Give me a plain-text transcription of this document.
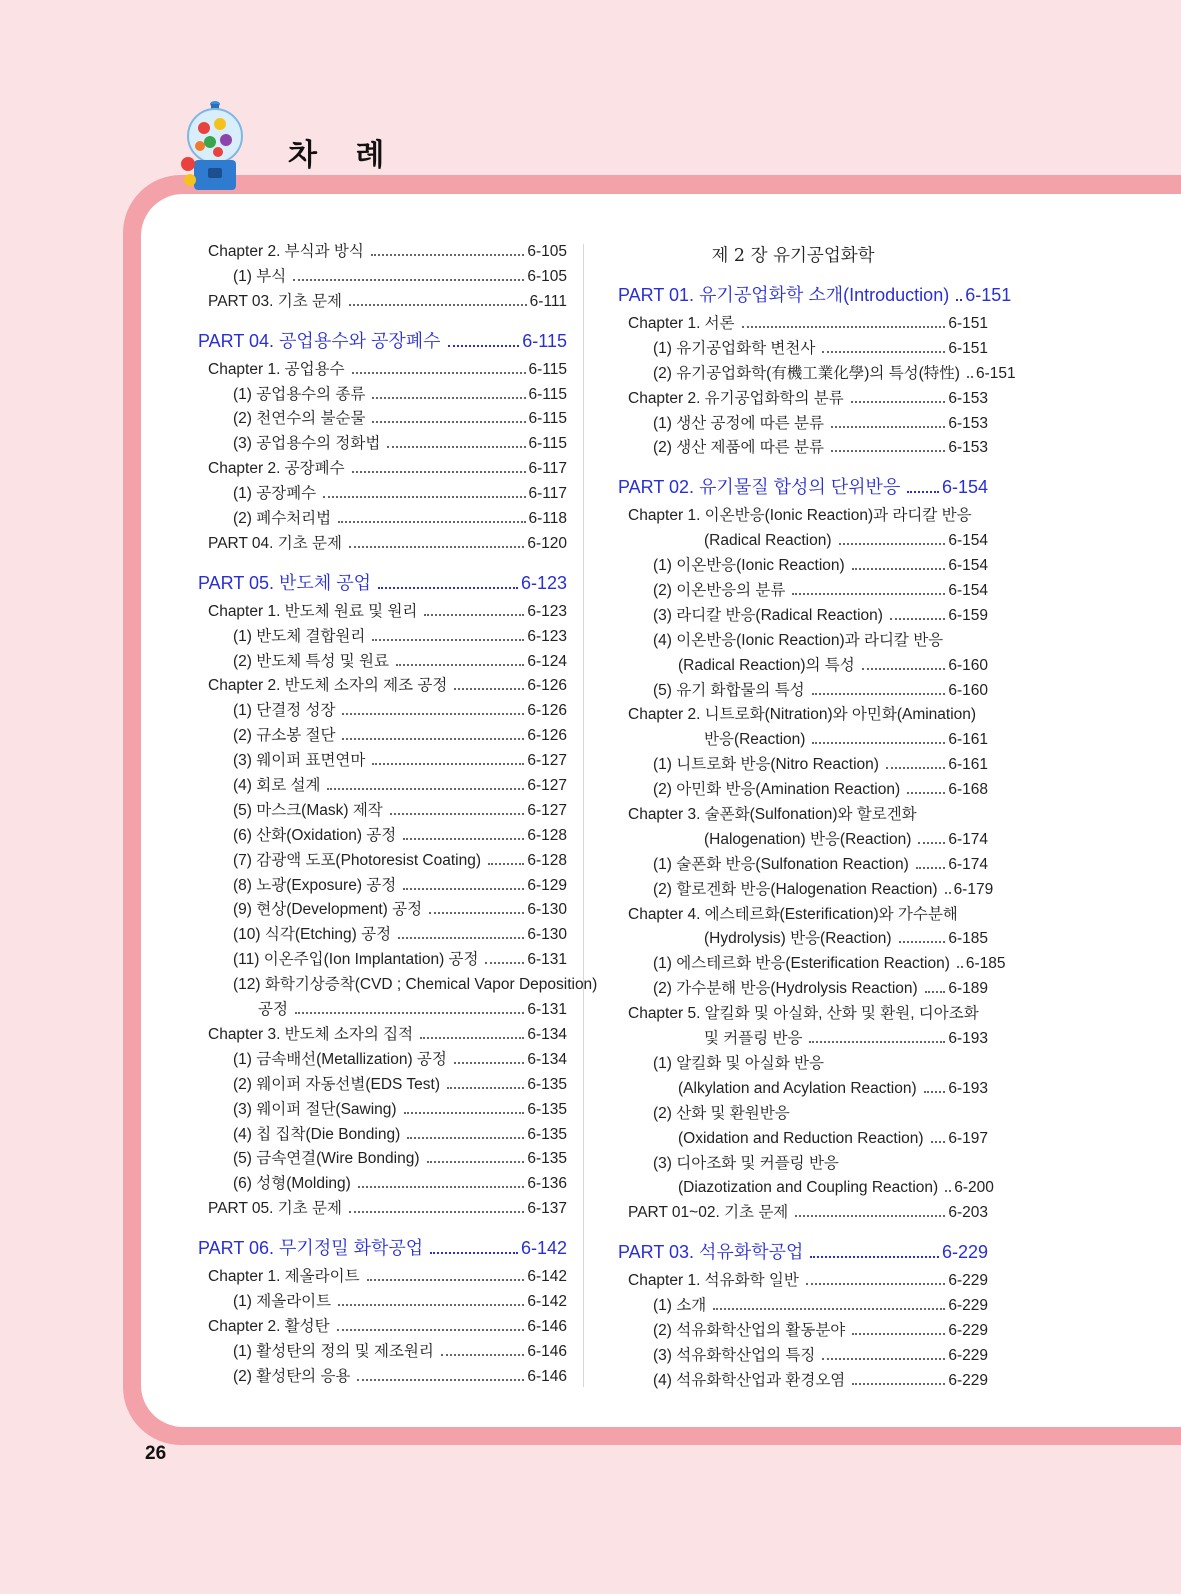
차 례
Chapter 2. 부식과 방식	6-105
(1) 부식	6-105
PART 03. 기초 문제	6-111
PART 04. 공업용수와 공장폐수	6-115
Chapter 1. 공업용수	6-115
(1) 공업용수의 종류	6-115
(2) 천연수의 불순물	6-115
(3) 공업용수의 정화법	6-115
Chapter 2. 공장폐수	6-117
(1) 공장폐수	6-117
(2) 폐수처리법	6-118
PART 04. 기초 문제	6-120
PART 05. 반도체 공업	6-123
Chapter 1. 반도체 원료 및 원리	6-123
(1) 반도체 결합원리	6-123
(2) 반도체 특성 및 원료	6-124
Chapter 2. 반도체 소자의 제조 공정	6-126
(1) 단결정 성장	6-126
(2) 규소봉 절단	6-126
(3) 웨이퍼 표면연마	6-127
(4) 회로 설계	6-127
(5) 마스크(Mask) 제작	6-127
(6) 산화(Oxidation) 공정	6-128
(7) 감광액 도포(Photoresist Coating)	6-128
(8) 노광(Exposure) 공정	6-129
(9) 현상(Development) 공정	6-130
(10) 식각(Etching) 공정	6-130
(11) 이온주입(Ion Implantation) 공정	6-131
(12) 화학기상증착(CVD ; Chemical Vapor Deposition)
공정	6-131
Chapter 3. 반도체 소자의 집적	6-134
(1) 금속배선(Metallization) 공정	6-134
(2) 웨이퍼 자동선별(EDS Test)	6-135
(3) 웨이퍼 절단(Sawing)	6-135
(4) 칩 집착(Die Bonding)	6-135
(5) 금속연결(Wire Bonding)	6-135
(6) 성형(Molding)	6-136
PART 05. 기초 문제	6-137
PART 06. 무기정밀 화학공업	6-142
Chapter 1. 제올라이트	6-142
(1) 제올라이트	6-142
Chapter 2. 활성탄	6-146
(1) 활성탄의 정의 및 제조원리	6-146
(2) 활성탄의 응용	6-146
제 2 장 유기공업화학
PART 01. 유기공업화학 소개(Introduction) 6-151
Chapter 1. 서론	6-151
(1) 유기공업화학 변천사	6-151
(2) 유기공업화학(有機工業化學)의 특성(特性) 6-151
Chapter 2. 유기공업화학의 분류	6-153
(1) 생산 공정에 따른 분류	6-153
(2) 생산 제품에 따른 분류	6-153
PART 02. 유기물질 합성의 단위반응 6-154
Chapter 1. 이온반응(Ionic Reaction)과 라디칼 반응
(Radical Reaction)	6-154
(1) 이온반응(Ionic Reaction)	6-154
(2) 이온반응의 분류	6-154
(3) 라디칼 반응(Radical Reaction)	6-159
(4) 이온반응(Ionic Reaction)과 라디칼 반응
(Radical Reaction)의 특성	6-160
(5) 유기 화합물의 특성	6-160
Chapter 2. 니트로화(Nitration)와 아민화(Amination)
반응(Reaction)	6-161
(1) 니트로화 반응(Nitro Reaction)	6-161
(2) 아민화 반응(Amination Reaction)	6-168
Chapter 3. 술폰화(Sulfonation)와 할로겐화
(Halogenation) 반응(Reaction) 6-174
(1) 술폰화 반응(Sulfonation Reaction)	6-174
(2) 할로겐화 반응(Halogenation Reaction) 6-179
Chapter 4. 에스테르화(Esterification)와 가수분해
(Hydrolysis) 반응(Reaction)	6-185
(1) 에스테르화 반응(Esterification Reaction) 6-185
(2) 가수분해 반응(Hydrolysis Reaction) 6-189
Chapter 5. 알킬화 및 아실화, 산화 및 환원, 디아조화
및 커플링 반응	6-193
(1) 알킬화 및 아실화 반응
(Alkylation and Acylation Reaction) 6-193
(2) 산화 및 환원반응
(Oxidation and Reduction Reaction) 6-197
(3) 디아조화 및 커플링 반응
(Diazotization and Coupling Reaction) 6-200
PART 01~02. 기초 문제	6-203
PART 03. 석유화학공업	6-229
Chapter 1. 석유화학 일반	6-229
(1) 소개	6-229
(2) 석유화학산업의 활동분야	6-229
(3) 석유화학산업의 특징	6-229
(4) 석유화학산업과 환경오염	6-229
26
